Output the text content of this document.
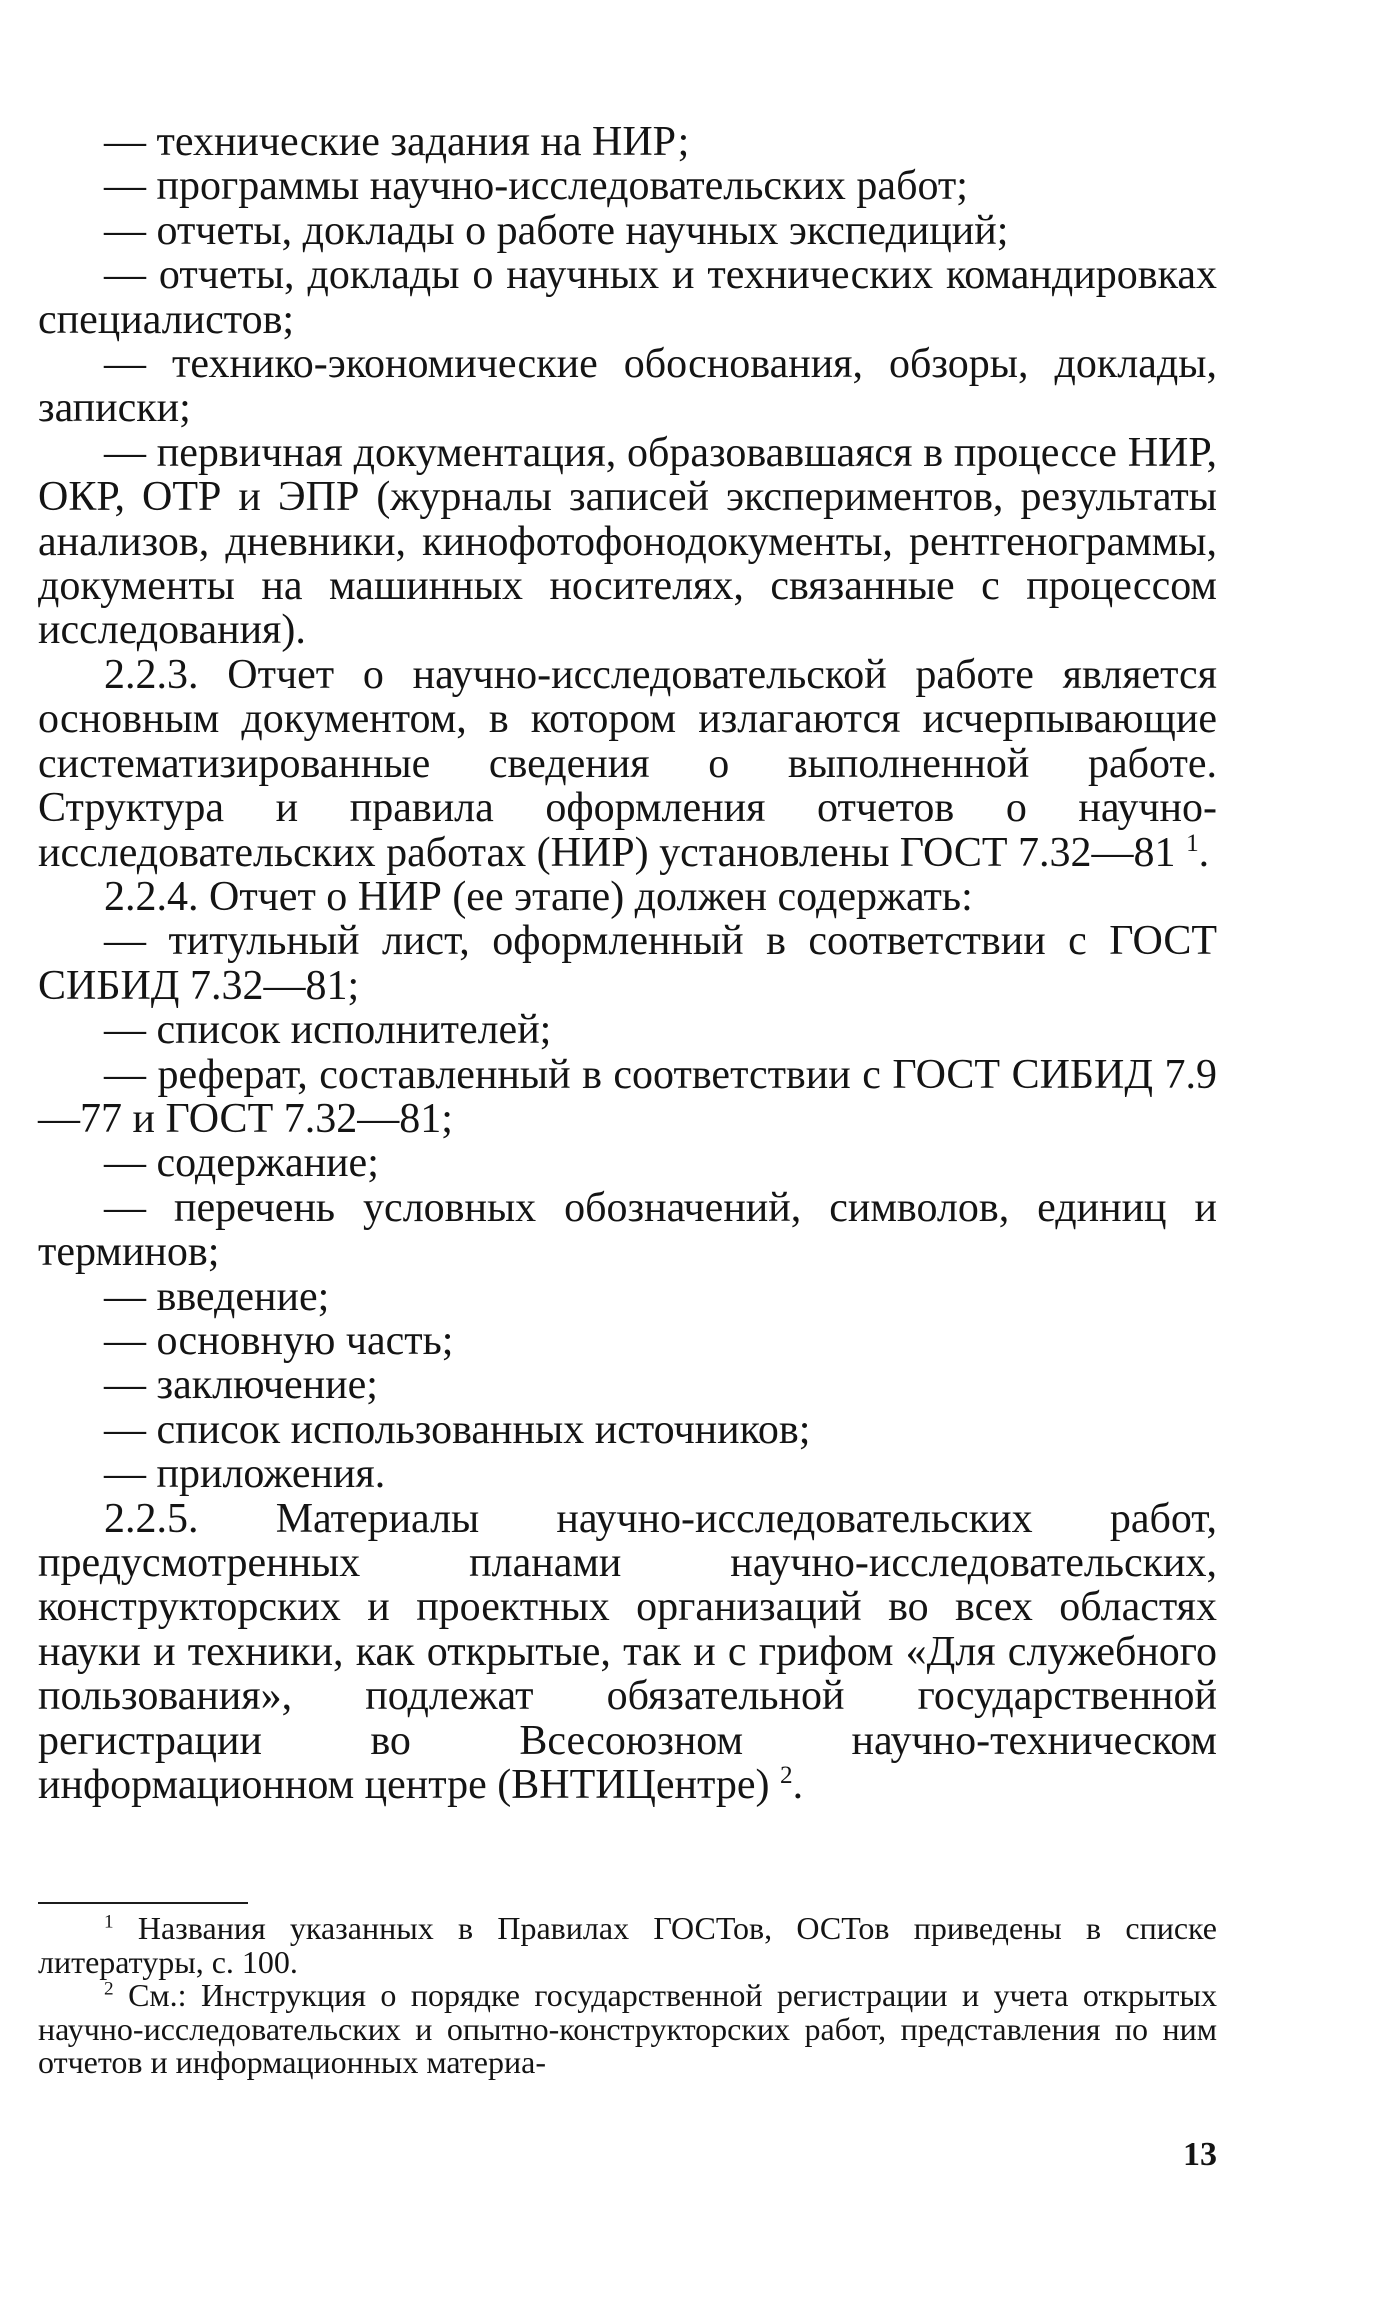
— технические задания на НИР;

— программы научно-исследовательских работ;

— отчеты, доклады о работе научных экспедиций;

— отчеты, доклады о научных и технических командировках специалистов;

— технико-экономические обоснования, обзоры, доклады, записки;

— первичная документация, образовавшаяся в процессе НИР, ОКР, ОТР и ЭПР (журналы записей экспериментов, результаты анализов, дневники, кинофотофонодокументы, рентгенограммы, документы на машинных носителях, связанные с процессом исследования).

2.2.3. Отчет о научно-исследовательской работе является основным документом, в котором излагаются исчерпывающие систематизированные сведения о выполненной работе. Структура и правила оформления отчетов о научно-исследовательских работах (НИР) установлены ГОСТ 7.32—81 $^1$.

2.2.4. Отчет о НИР (ее этапе) должен содержать:

— титульный лист, оформленный в соответствии с ГОСТ СИБИД 7.32—81;

— список исполнителей;

— реферат, составленный в соответствии с ГОСТ СИБИД 7.9—77 и ГОСТ 7.32—81;

— содержание;

— перечень условных обозначений, символов, единиц и терминов;

— введение;

— основную часть;

— заключение;

— список использованных источников;

— приложения.

2.2.5. Материалы научно-исследовательских работ, предусмотренных планами научно-исследовательских, конструкторских и проектных организаций во всех областях науки и техники, как открытые, так и с грифом «Для служебного пользования», подлежат обязательной государственной регистрации во Всесоюзном научно-техническом информационном центре (ВНТИЦентре) $^2$.

$^1$ Названия указанных в Правилах ГОСТов, ОСТов приведены в списке литературы, с. 100.

$^2$ См.: Инструкция о порядке государственной регистрации и учета открытых научно-исследовательских и опытно-конструкторских работ, представления по ним отчетов и информационных материа-

13
